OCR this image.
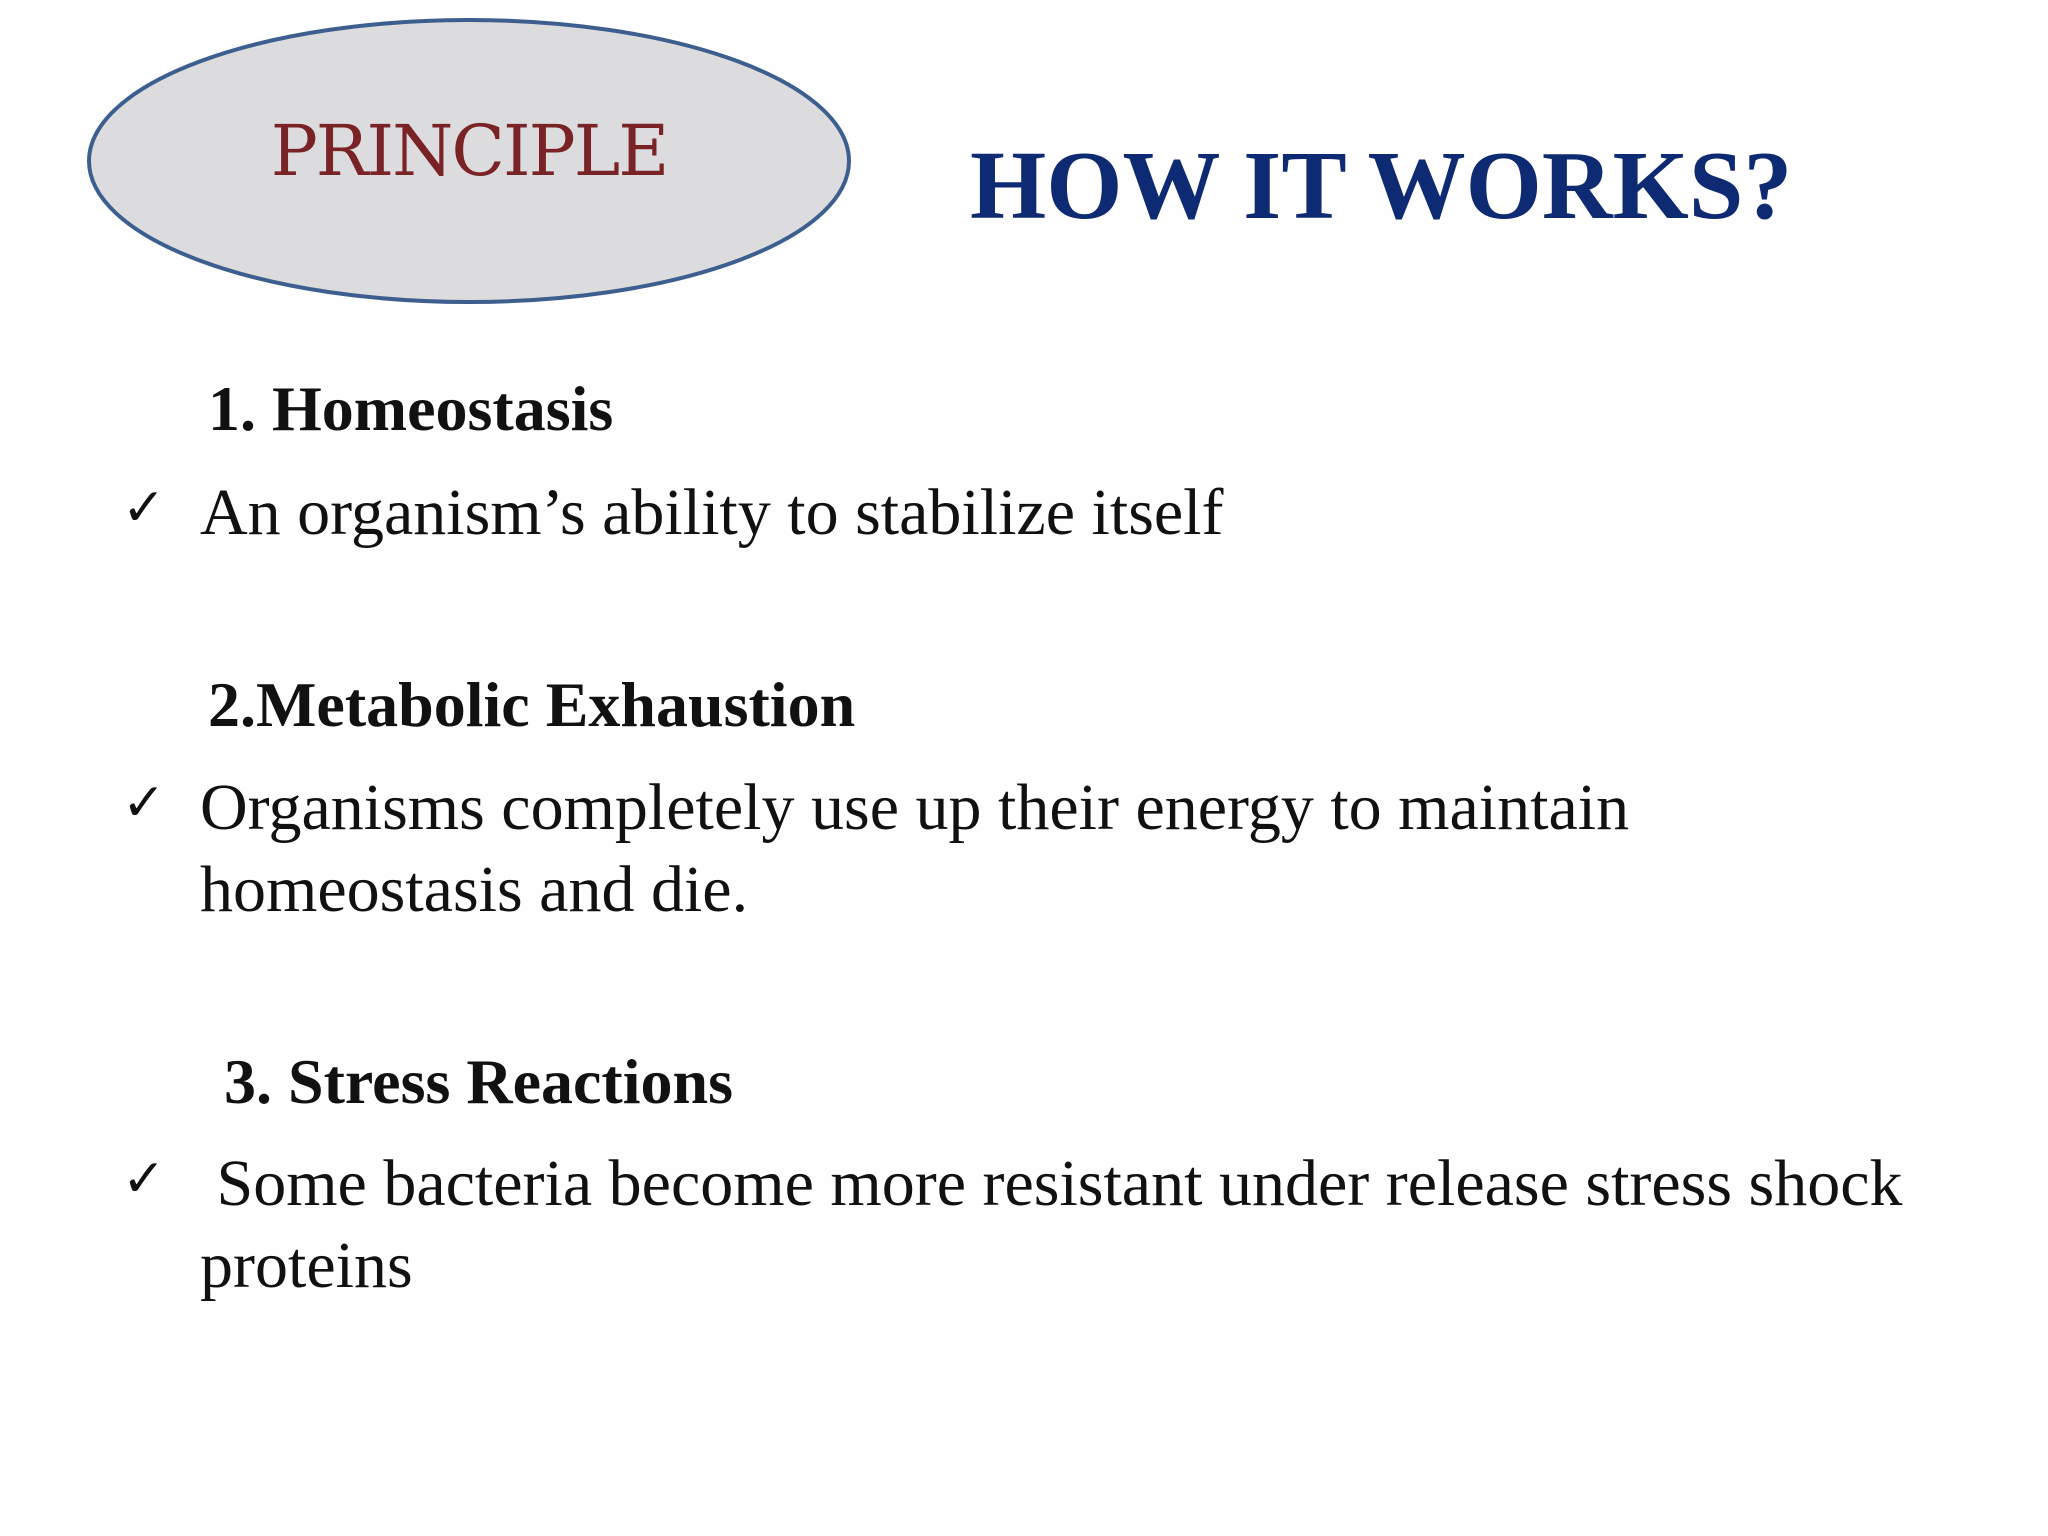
PRINCIPLE	HOW IT WORKS?
1. Homeostasis
✓ An organism’s ability to stabilize itself
2.Metabolic Exhaustion
✓ Organisms completely use up their energy to maintain homeostasis and die.
3. Stress Reactions
✓ Some bacteria become more resistant under release stress shock proteins
